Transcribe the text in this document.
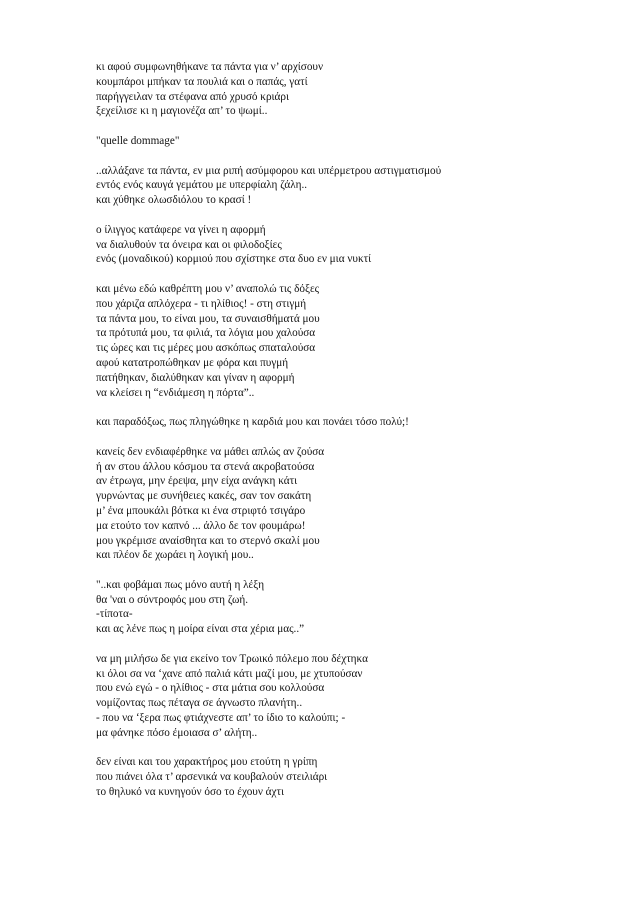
κι αφού συμφωνηθήκανε τα πάντα για ν’ αρχίσουν
κουμπάροι μπήκαν τα πουλιά και ο παπάς, γατί
παρήγγειλαν τα στέφανα από χρυσό κριάρι
ξεχείλισε κι η μαγιονέζα απ’ το ψωμί..
"quelle dommage"
..αλλάξανε τα πάντα, εν μια ριπή ασύμφορου και υπέρμετρου αστιγματισμού
εντός ενός καυγά γεμάτου με υπερφίαλη ζάλη..
και χύθηκε ολωσδιόλου το κρασί !
ο ίλιγγος κατάφερε να γίνει η αφορμή
να διαλυθούν τα όνειρα και οι φιλοδοξίες
ενός (μοναδικού) κορμιού που σχίστηκε στα δυο εν μια νυκτί
και μένω εδώ καθρέπτη μου ν’ αναπολώ τις δόξες
που χάριζα απλόχερα - τι ηλίθιος! - στη στιγμή
τα πάντα μου, το είναι μου, τα συναισθήματά μου
τα πρότυπά μου, τα φιλιά, τα λόγια μου χαλούσα
τις ώρες και τις μέρες μου ασκόπως σπαταλούσα
αφού κατατροπώθηκαν με φόρα και πυγμή
πατήθηκαν, διαλύθηκαν και γίναν η αφορμή
να κλείσει η “ενδιάμεση η πόρτα”..
και παραδόξως, πως πληγώθηκε η καρδιά μου και πονάει τόσο πολύ;!
κανείς δεν ενδιαφέρθηκε να μάθει απλώς αν ζούσα
ή αν στου άλλου κόσμου τα στενά ακροβατούσα
αν έτρωγα, μην έρεψα, μην είχα ανάγκη κάτι
γυρνώντας με συνήθειες κακές, σαν τον σακάτη
μ’ ένα μπουκάλι βότκα κι ένα στριφτό τσιγάρο
μα ετούτο τον καπνό ... άλλο δε τον φουμάρω!
μου γκρέμισε αναίσθητα και το στερνό σκαλί μου
και πλέον δε χωράει η λογική μου..
"..και φοβάμαι πως μόνο αυτή η λέξη
θα 'ναι ο σύντροφός μου στη ζωή.
-τίποτα-
και ας λένε πως η μοίρα είναι στα χέρια μας..”
να μη μιλήσω δε για εκείνο τον Τρωικό πόλεμο που δέχτηκα
κι όλοι σα να ‘χανε από παλιά κάτι μαζί μου, με χτυπούσαν
που ενώ εγώ - ο ηλίθιος - στα μάτια σου κολλούσα
νομίζοντας πως πέταγα σε άγνωστο πλανήτη..
- που να ‘ξερα πως φτιάχνεστε απ’ το ίδιο το καλούπι; -
μα φάνηκε πόσο έμοιασα σ’ αλήτη..
δεν είναι και του χαρακτήρος μου ετούτη η γρίπη
που πιάνει όλα τ’ αρσενικά να κουβαλούν στειλιάρι
το θηλυκό να κυνηγούν όσο το έχουν άχτι
